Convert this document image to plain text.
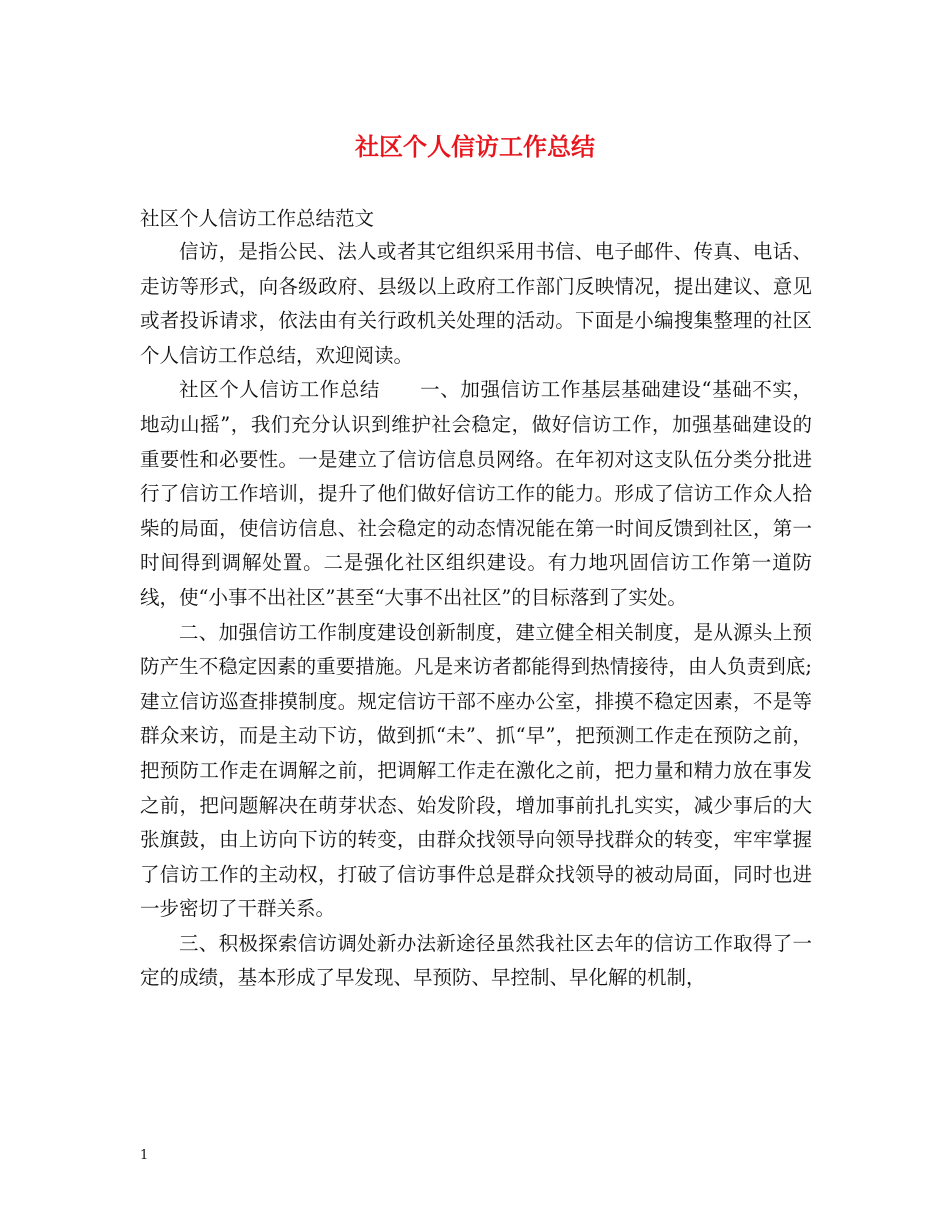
社区个人信访工作总结
社区个人信访工作总结范文

信访，是指公民、法人或者其它组织采用书信、电子邮件、传真、电话、走访等形式，向各级政府、县级以上政府工作部门反映情况，提出建议、意见或者投诉请求，依法由有关行政机关处理的活动。下面是小编搜集整理的社区个人信访工作总结，欢迎阅读。

社区个人信访工作总结　　一、加强信访工作基层基础建设“基础不实，地动山摇”，我们充分认识到维护社会稳定，做好信访工作，加强基础建设的重要性和必要性。一是建立了信访信息员网络。在年初对这支队伍分类分批进行了信访工作培训，提升了他们做好信访工作的能力。形成了信访工作众人拾柴的局面，使信访信息、社会稳定的动态情况能在第一时间反馈到社区，第一时间得到调解处置。二是强化社区组织建设。有力地巩固信访工作第一道防线，使“小事不出社区”甚至“大事不出社区”的目标落到了实处。

二、加强信访工作制度建设创新制度，建立健全相关制度，是从源头上预防产生不稳定因素的重要措施。凡是来访者都能得到热情接待，由人负责到底;建立信访巡查排摸制度。规定信访干部不座办公室，排摸不稳定因素，不是等群众来访，而是主动下访，做到抓“未”、抓“早”，把预测工作走在预防之前，把预防工作走在调解之前，把调解工作走在激化之前，把力量和精力放在事发之前，把问题解决在萌芽状态、始发阶段，增加事前扎扎实实，减少事后的大张旗鼓，由上访向下访的转变，由群众找领导向领导找群众的转变，牢牢掌握了信访工作的主动权，打破了信访事件总是群众找领导的被动局面，同时也进一步密切了干群关系。

三、积极探索信访调处新办法新途径虽然我社区去年的信访工作取得了一定的成绩，基本形成了早发现、早预防、早控制、早化解的机制，

1
